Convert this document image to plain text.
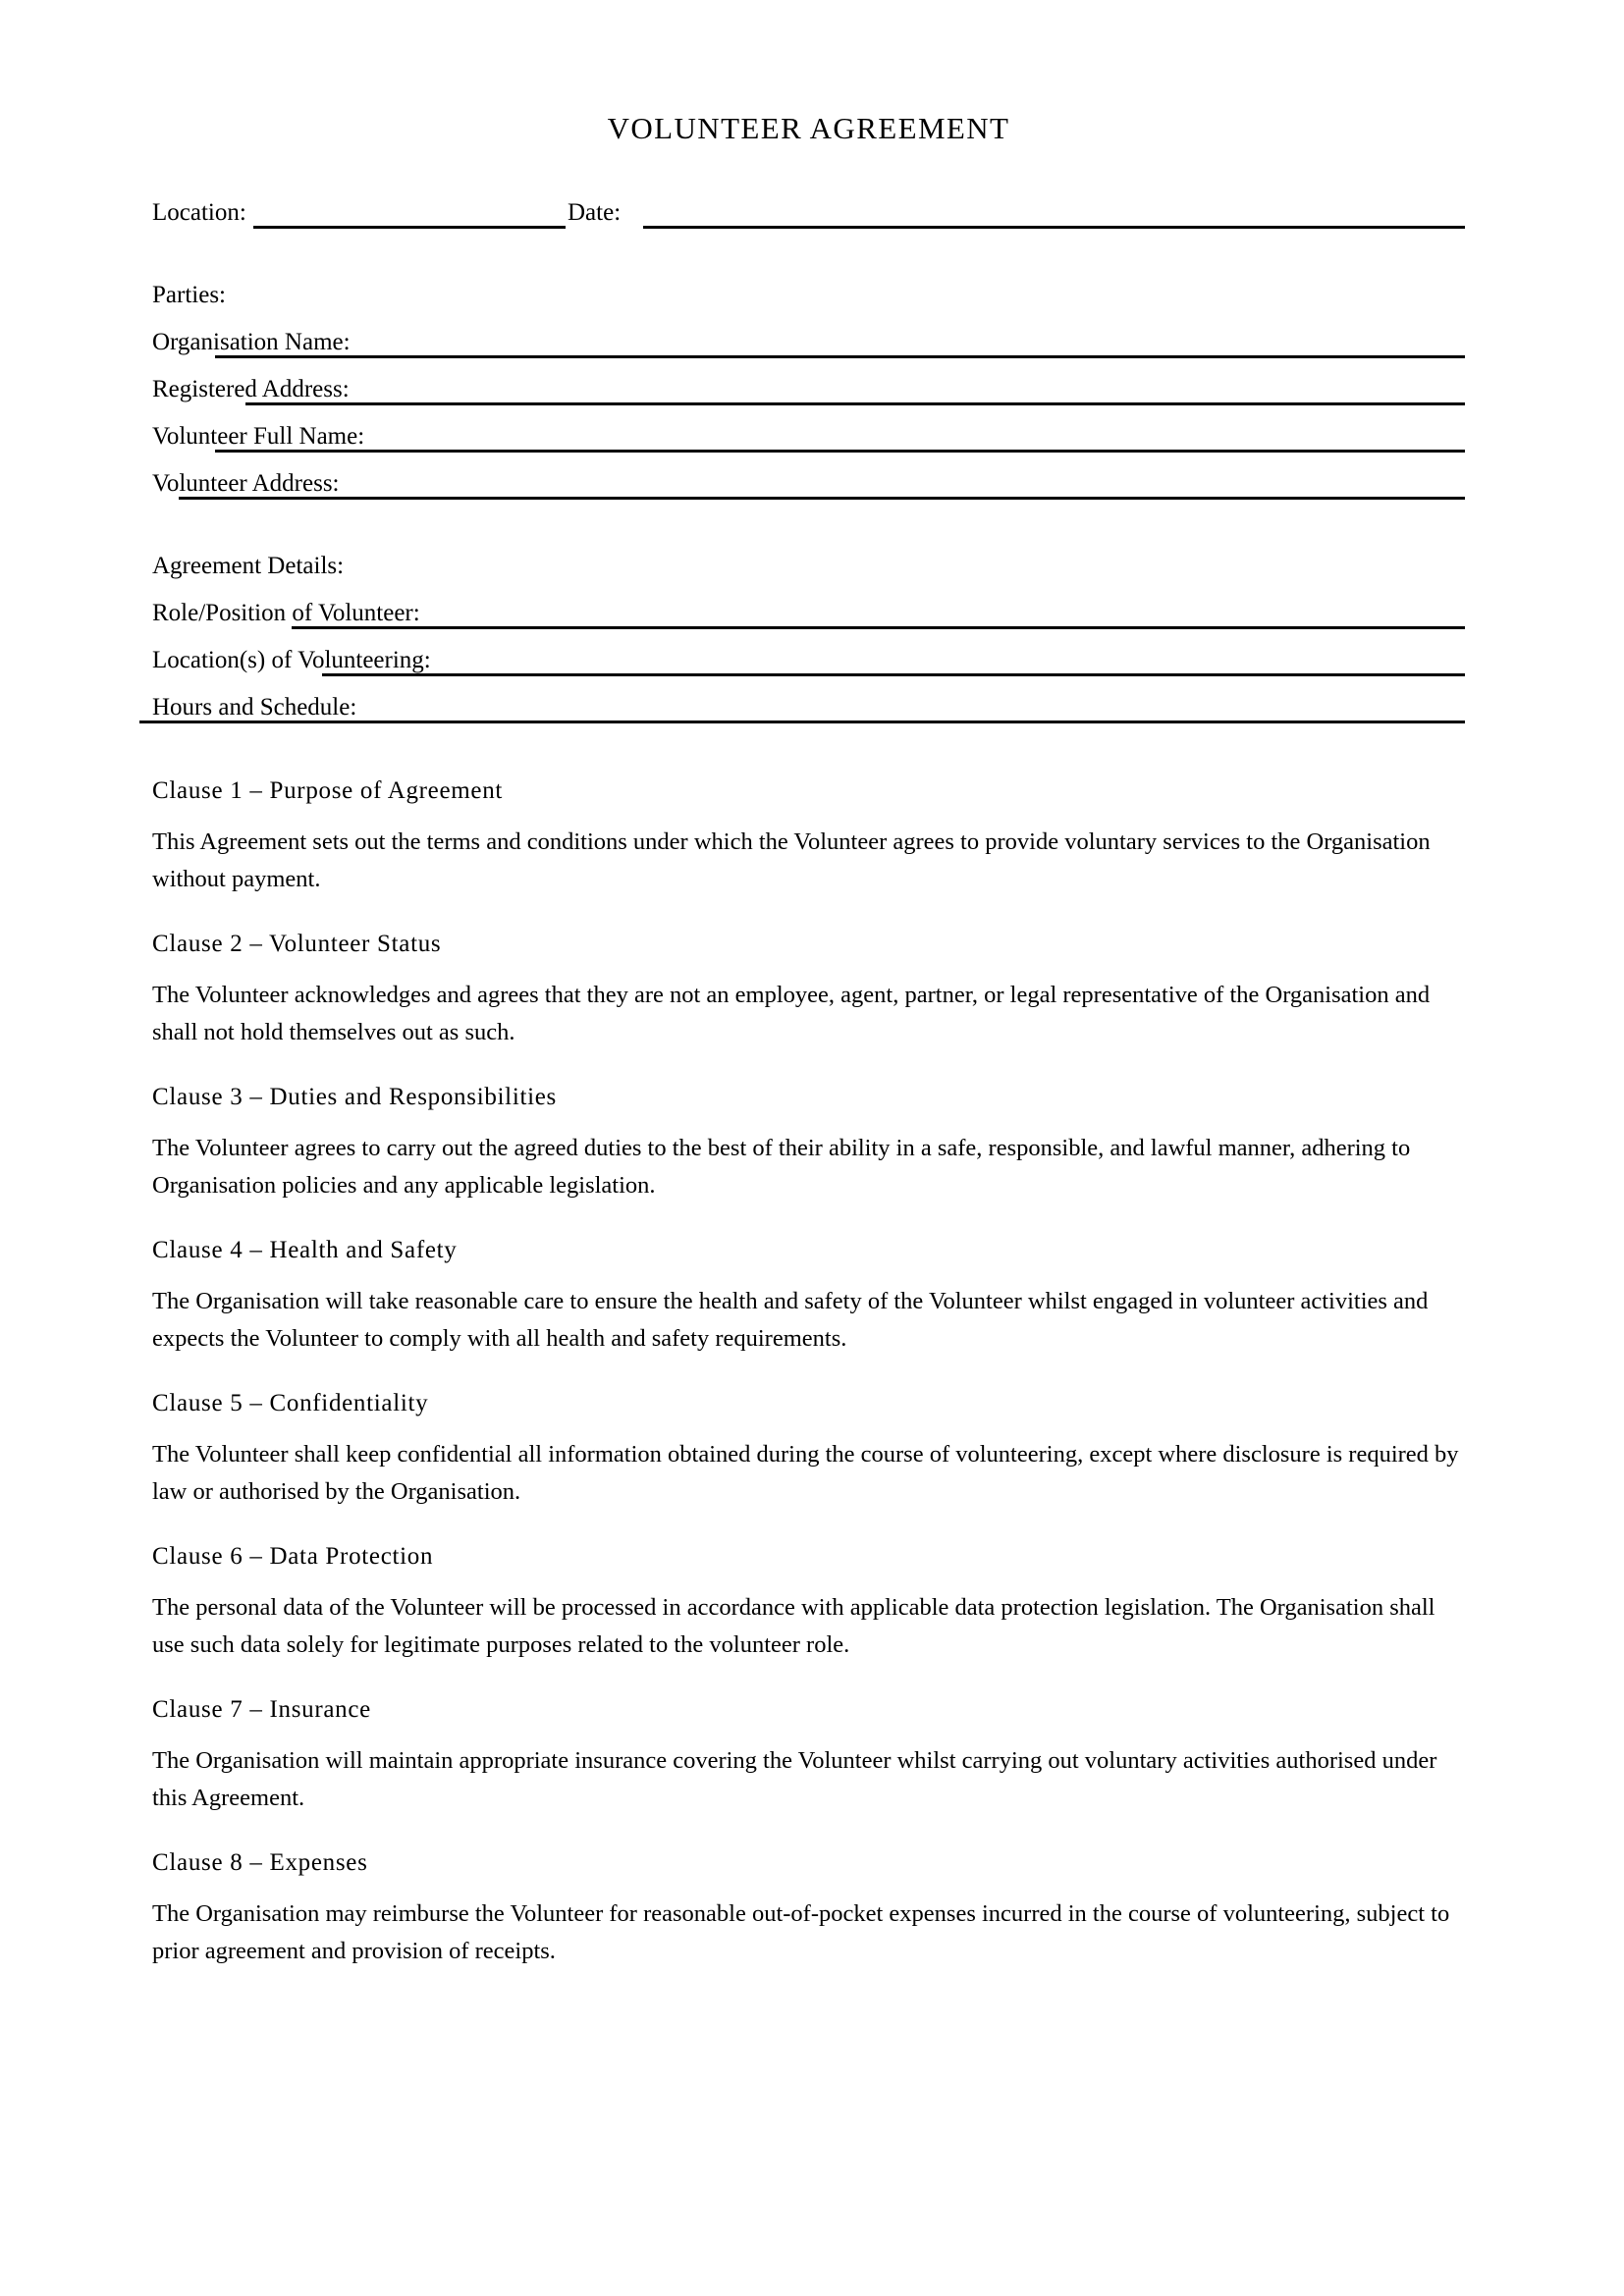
VOLUNTEER AGREEMENT
Location:	Date:
Parties:
Organisation Name:
Registered Address:
Volunteer Full Name:
Volunteer Address:
Agreement Details:
Role/Position of Volunteer:
Location(s) of Volunteering:
Hours and Schedule:
Clause 1 – Purpose of Agreement

This Agreement sets out the terms and conditions under which the Volunteer agrees to provide voluntary services to the Organisation without payment.

Clause 2 – Volunteer Status

The Volunteer acknowledges and agrees that they are not an employee, agent, partner, or legal representative of the Organisation and shall not hold themselves out as such.

Clause 3 – Duties and Responsibilities

The Volunteer agrees to carry out the agreed duties to the best of their ability in a safe, responsible, and lawful manner, adhering to Organisation policies and any applicable legislation.

Clause 4 – Health and Safety

The Organisation will take reasonable care to ensure the health and safety of the Volunteer whilst engaged in volunteer activities and expects the Volunteer to comply with all health and safety requirements.

Clause 5 – Confidentiality

The Volunteer shall keep confidential all information obtained during the course of volunteering, except where disclosure is required by law or authorised by the Organisation.

Clause 6 – Data Protection

The personal data of the Volunteer will be processed in accordance with applicable data protection legislation. The Organisation shall use such data solely for legitimate purposes related to the volunteer role.

Clause 7 – Insurance

The Organisation will maintain appropriate insurance covering the Volunteer whilst carrying out voluntary activities authorised under this Agreement.

Clause 8 – Expenses

The Organisation may reimburse the Volunteer for reasonable out-of-pocket expenses incurred in the course of volunteering, subject to prior agreement and provision of receipts.
